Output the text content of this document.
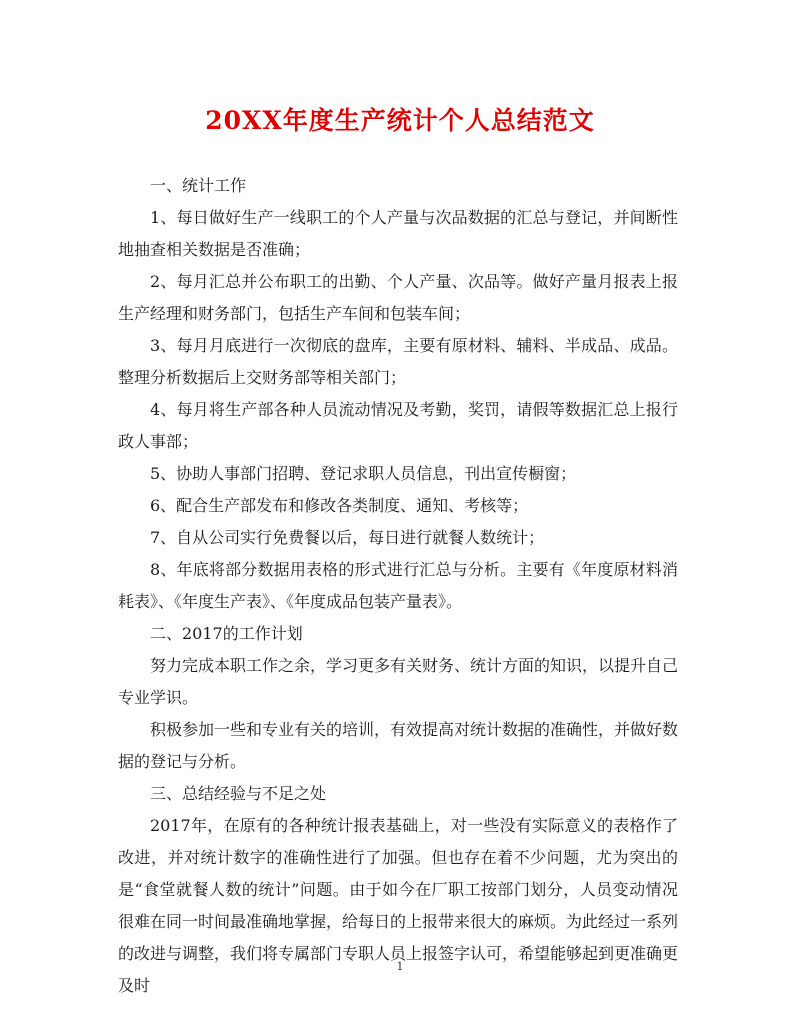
20XX年度生产统计个人总结范文

一、统计工作

1、每日做好生产一线职工的个人产量与次品数据的汇总与登记，并间断性地抽查相关数据是否准确；

2、每月汇总并公布职工的出勤、个人产量、次品等。做好产量月报表上报生产经理和财务部门，包括生产车间和包装车间；

3、每月月底进行一次彻底的盘库，主要有原材料、辅料、半成品、成品。整理分析数据后上交财务部等相关部门；

4、每月将生产部各种人员流动情况及考勤，奖罚，请假等数据汇总上报行政人事部；

5、协助人事部门招聘、登记求职人员信息，刊出宣传橱窗；

6、配合生产部发布和修改各类制度、通知、考核等；

7、自从公司实行免费餐以后，每日进行就餐人数统计；

8、年底将部分数据用表格的形式进行汇总与分析。主要有《年度原材料消耗表》、《年度生产表》、《年度成品包装产量表》。

二、2017的工作计划

努力完成本职工作之余，学习更多有关财务、统计方面的知识，以提升自己专业学识。

积极参加一些和专业有关的培训，有效提高对统计数据的准确性，并做好数据的登记与分析。

三、总结经验与不足之处

2017年，在原有的各种统计报表基础上，对一些没有实际意义的表格作了改进，并对统计数字的准确性进行了加强。但也存在着不少问题，尤为突出的是“食堂就餐人数的统计”问题。由于如今在厂职工按部门划分，人员变动情况很难在同一时间最准确地掌握，给每日的上报带来很大的麻烦。为此经过一系列的改进与调整，我们将专属部门专职人员上报签字认可，希望能够起到更准确更及时

1
